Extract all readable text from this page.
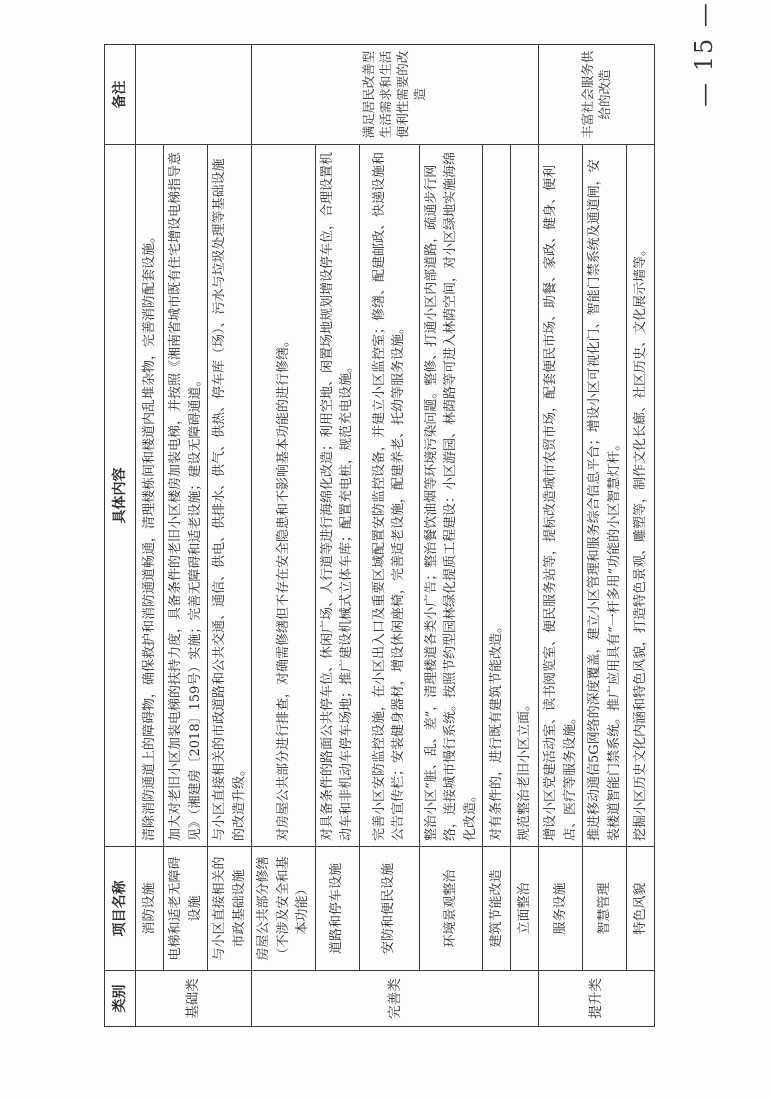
— 15 —
类别	项目名称	具体内容	备注
基础类	消防设施	清除消防通道上的障碍物，确保救护和消防通道畅通，清理楼栋间和楼道内乱堆杂物，完善消防配套设施。	
	电梯和适老无障碍设施	加大对老旧小区加装电梯的扶持力度，具备条件的老旧小区楼房加装电梯，并按照《湘南省城市既有住宅增设电梯指导意见》（湘建房〔2018〕159号）实施；完善无障碍和适老设施；建设无障碍通道。	
	与小区直接相关的市政基础设施	与小区直接相关的市政道路和公共交通、通信、供电、供排水、供气、供热、停车库（场）、污水与垃圾处理等基础设施的改造升级。	
完善类	房屋公共部分修缮（不涉及安全和基本功能）	对房屋公共部分进行排查，对确需修缮但不存在安全隐患和不影响基本功能的进行修缮。	满足居民改善型生活需求和生活便利性需要的改造
	道路和停车设施	对具备条件的路面公共停车位、休闲广场、人行道等进行海绵化改造；利用空地、闲置场地规划增设停车位，合理设置机动车和非机动车停车场地；推广建设机械式立体车库；配置充电桩，规范充电设施。	
	安防和便民设施	完善小区安防监控设施，在小区出入口及重要区域配置安防监控设备，并建立小区监控室；修缮、配建邮政、快递设施和公告宣传栏；安装健身器材，增设休闲座椅，完善适老设施，配建养老、托幼等服务设施。	
	环境景观整治	整治小区“脏、乱、差”，清理楼道各类小广告；整治餐饮油烟等环境污染问题。整修、打通小区内部道路，疏通步行网络，连接城市慢行系统。按照节约型园林绿化提质工程建设：小区游园、林荫路等可进入林荫空间，对小区绿地实施海绵化改造。	
	建筑节能改造	对有条件的，进行既有建筑节能改造。	
	立面整治	规范整治老旧小区立面。	
提升类	服务设施	增设小区党建活动室、读书阅览室、便民服务站等，提标改造城市农贸市场，配套便民市场、助餐、家政、健身、便利店、医疗等服务设施。	丰富社会服务供给的改造
	智慧管理	推进移动通信5G网络的深度覆盖，建立小区管理和服务综合信息平台；增设小区可视化门、智能门禁系统及通道闸，安装楼道智能门禁系统。推广应用具有“一杆多用”功能的小区智慧灯杆。	
	特色风貌	挖掘小区历史文化内涵和特色风貌，打造特色景观、雕塑等，制作文化长廊、社区历史、文化展示墙等。	
